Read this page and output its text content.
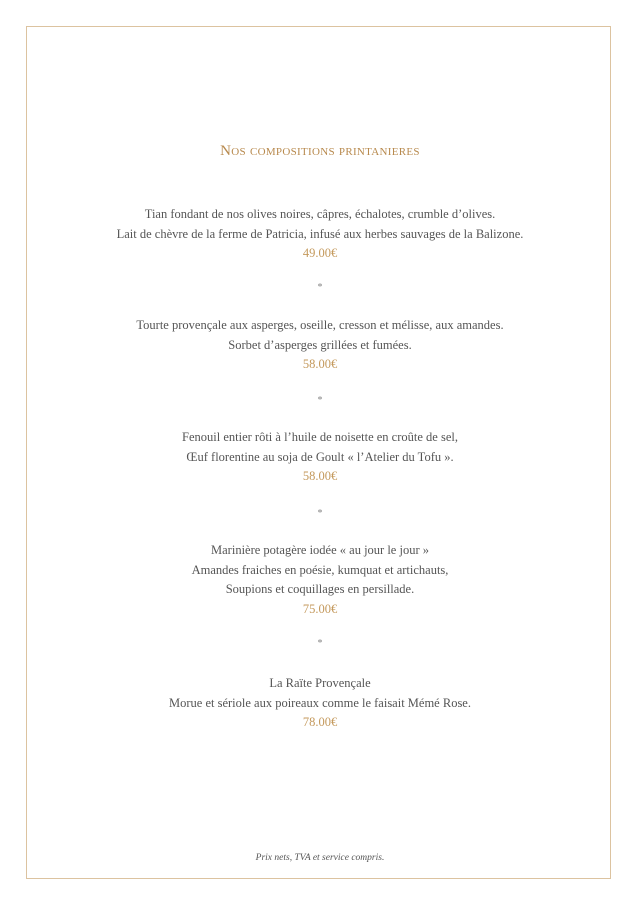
Nos compositions printanieres
Tian fondant de nos olives noires, câpres, échalotes, crumble d’olives.
Lait de chèvre de la ferme de Patricia, infusé aux herbes sauvages de la Balizone.
49.00€
*
Tourte provençale aux asperges, oseille, cresson et mélisse, aux amandes.
Sorbet d’asperges grillées et fumées.
58.00€
*
Fenouil entier rôti à l’huile de noisette en croûte de sel,
Œuf florentine au soja de Goult « l’Atelier du Tofu ».
58.00€
*
Marinière potagère iodée « au jour le jour »
Amandes fraiches en poésie, kumquat et artichauts,
Soupions et coquillages en persillade.
75.00€
*
La Raïte Provençale
Morue et sériole aux poireaux comme le faisait Mémé Rose.
78.00€
Prix nets, TVA et service compris.
